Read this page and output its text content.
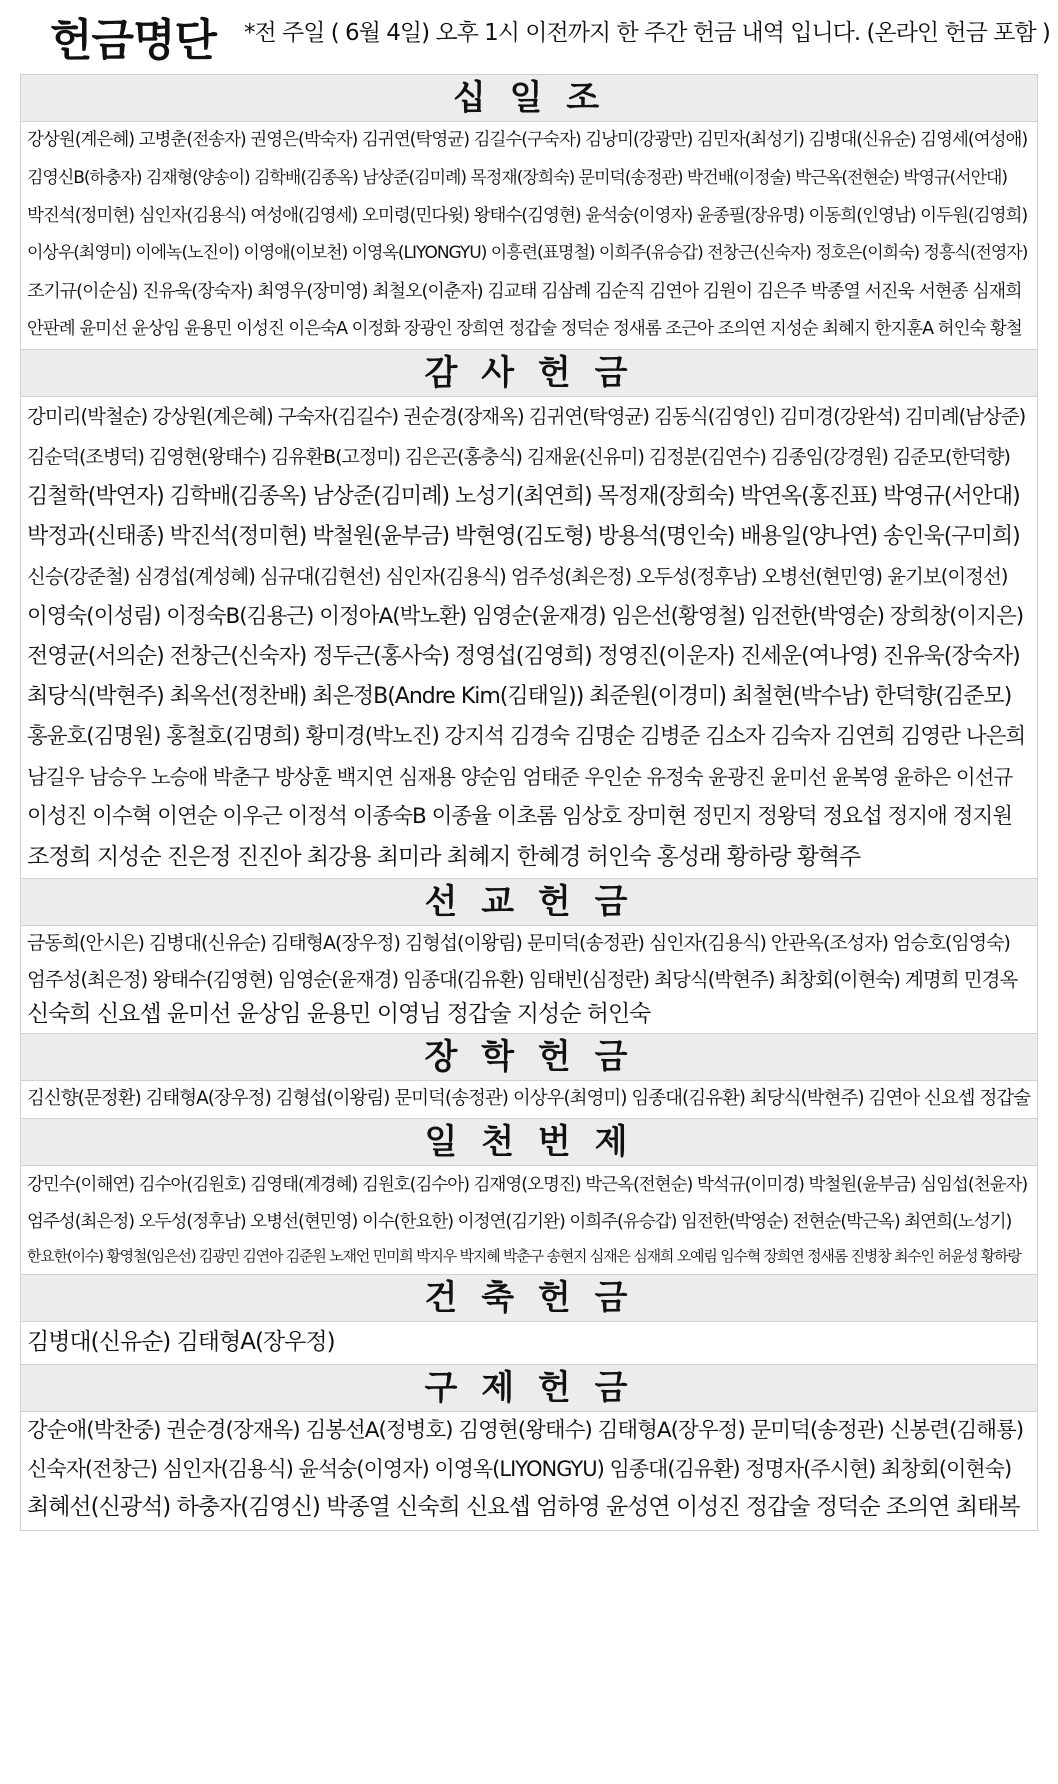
헌금명단 *전 주일 ( 6월 4일) 오후 1시 이전까지 한 주간 헌금 내역 입니다. (온라인 헌금 포함 )
십 일 조
강상원(계은혜) 고병춘(전송자) 권영은(박숙자) 김귀연(탁영균) 김길수(구숙자) 김낭미(강광만) 김민자(최성기) 김병대(신유순) 김영세(여성애)
김영신B(하충자) 김재형(양송이) 김학배(김종옥) 남상준(김미례) 목정재(장희숙) 문미덕(송정관) 박건배(이정술) 박근옥(전현순) 박영규(서안대)
박진석(정미현) 심인자(김용식) 여성애(김영세) 오미령(민다윗) 왕태수(김영현) 윤석숭(이영자) 윤종필(장유명) 이동희(인영남) 이두원(김영희)
이상우(최영미) 이에녹(노진이) 이영애(이보천) 이영옥(LIYONGYU) 이흥련(표명철) 이희주(유승갑) 전창근(신숙자) 정호은(이희숙) 정흥식(전영자)
조기규(이순심) 진유욱(장숙자) 최영우(장미영) 최철오(이춘자) 김교태 김삼례 김순직 김연아 김원이 김은주 박종열 서진욱 서현종 심재희
안판례 윤미선 윤상임 윤용민 이성진 이은숙A 이정화 장광인 장희연 정갑술 정덕순 정새롬 조근아 조의연 지성순 최혜지 한지훈A 허인숙 황철
감 사 헌 금
강미리(박철순) 강상원(계은혜) 구숙자(김길수) 권순경(장재옥) 김귀연(탁영균) 김동식(김영인) 김미경(강완석) 김미례(남상준)
김순덕(조병덕) 김영현(왕태수) 김유환B(고정미) 김은곤(홍충식) 김재윤(신유미) 김정분(김연수) 김종임(강경원) 김준모(한덕향)
김철학(박연자) 김학배(김종옥) 남상준(김미례) 노성기(최연희) 목정재(장희숙) 박연옥(홍진표) 박영규(서안대)
박정과(신태종) 박진석(정미현) 박철원(윤부금) 박현영(김도형) 방용석(명인숙) 배용일(양나연) 송인욱(구미희)
신승(강준철) 심경섭(계성혜) 심규대(김현선) 심인자(김용식) 엄주성(최은정) 오두성(정후남) 오병선(현민영) 윤기보(이정선)
이영숙(이성림) 이정숙B(김용근) 이정아A(박노환) 임영순(윤재경) 임은선(황영철) 임전한(박영순) 장희창(이지은)
전영균(서의순) 전창근(신숙자) 정두근(홍사숙) 정영섭(김영희) 정영진(이운자) 진세운(여나영) 진유욱(장숙자)
최당식(박현주) 최옥선(정찬배) 최은정B(Andre Kim(김태일)) 최준원(이경미) 최철현(박수남) 한덕향(김준모)
홍윤호(김명원) 홍철호(김명희) 황미경(박노진) 강지석 김경숙 김명순 김병준 김소자 김숙자 김연희 김영란 나은희
남길우 남승우 노승애 박춘구 방상훈 백지연 심재용 양순임 엄태준 우인순 유정숙 윤광진 윤미선 윤복영 윤하은 이선규
이성진 이수혁 이연순 이우근 이정석 이종숙B 이종율 이초롬 임상호 장미현 정민지 정왕덕 정요섭 정지애 정지원
조정희 지성순 진은정 진진아 최강용 최미라 최혜지 한혜경 허인숙 홍성래 황하랑 황혁주
선 교 헌 금
금동희(안시은) 김병대(신유순) 김태형A(장우정) 김형섭(이왕림) 문미덕(송정관) 심인자(김용식) 안관옥(조성자) 엄승호(임영숙)
엄주성(최은정) 왕태수(김영현) 임영순(윤재경) 임종대(김유환) 임태빈(심정란) 최당식(박현주) 최창회(이현숙) 계명희 민경옥
신숙희 신요셉 윤미선 윤상임 윤용민 이영님 정갑술 지성순 허인숙
장 학 헌 금
김신향(문정환) 김태형A(장우정) 김형섭(이왕림) 문미덕(송정관) 이상우(최영미) 임종대(김유환) 최당식(박현주) 김연아 신요셉 정갑술
일 천 번 제
강민수(이해연) 김수아(김원호) 김영태(계경혜) 김원호(김수아) 김재영(오명진) 박근옥(전현순) 박석규(이미경) 박철원(윤부금) 심임섭(천윤자)
엄주성(최은정) 오두성(정후남) 오병선(현민영) 이수(한요한) 이정연(김기완) 이희주(유승갑) 임전한(박영순) 전현순(박근옥) 최연희(노성기)
한요한(이수) 황영철(임은선) 김광민 김연아 김준원 노재언 민미희 박지우 박지혜 박춘구 송현지 심재은 심재희 오예림 임수혁 장희연 정새롬 진병창 최수인 허윤성 황하랑
건 축 헌 금
김병대(신유순) 김태형A(장우정)
구 제 헌 금
강순애(박찬중) 권순경(장재옥) 김봉선A(정병호) 김영현(왕태수) 김태형A(장우정) 문미덕(송정관) 신봉련(김해룡)
신숙자(전창근) 심인자(김용식) 윤석숭(이영자) 이영옥(LIYONGYU) 임종대(김유환) 정명자(주시현) 최창회(이현숙)
최혜선(신광석) 하충자(김영신) 박종열 신숙희 신요셉 엄하영 윤성연 이성진 정갑술 정덕순 조의연 최태복
